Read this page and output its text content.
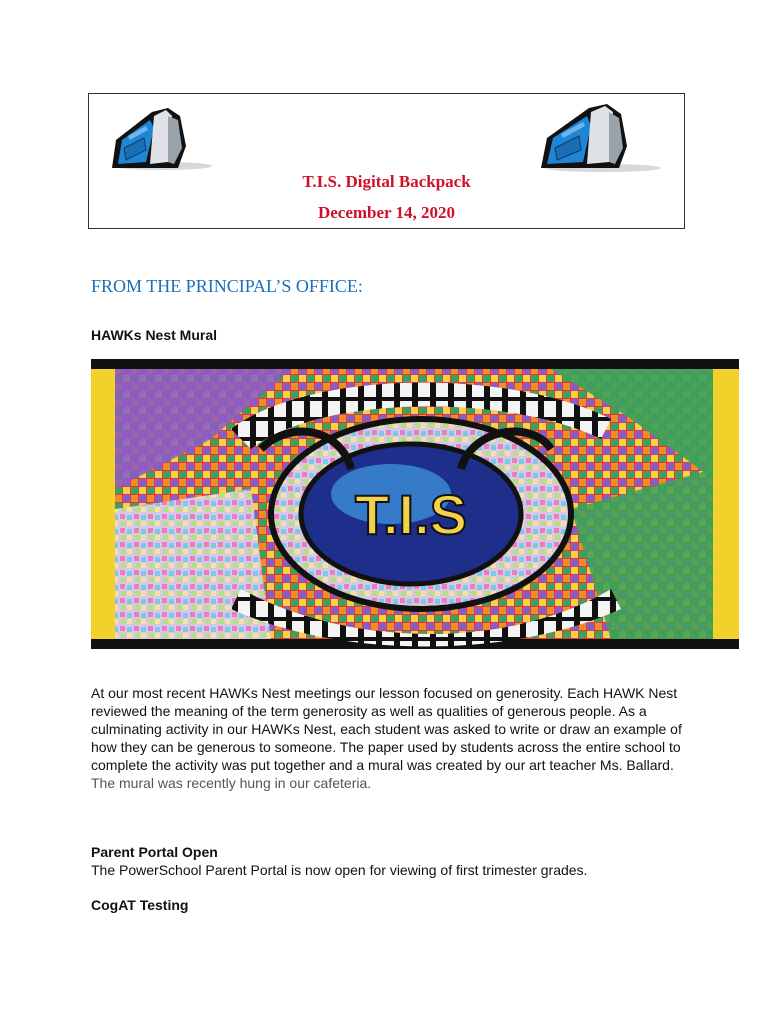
T.I.S. Digital Backpack
December 14, 2020
FROM THE PRINCIPAL’S OFFICE:
HAWKs Nest Mural
T.I.S

At our most recent HAWKs Nest meetings our lesson focused on generosity. Each HAWK Nest reviewed the meaning of the term generosity as well as qualities of generous people. As a culminating activity in our HAWKs Nest, each student was asked to write or draw an example of how they can be generous to someone. The paper used by students across the entire school to complete the activity was put together and a mural was created by our art teacher Ms. Ballard. The mural was recently hung in our cafeteria.

Parent Portal Open

The PowerSchool Parent Portal is now open for viewing of first trimester grades.

CogAT Testing
